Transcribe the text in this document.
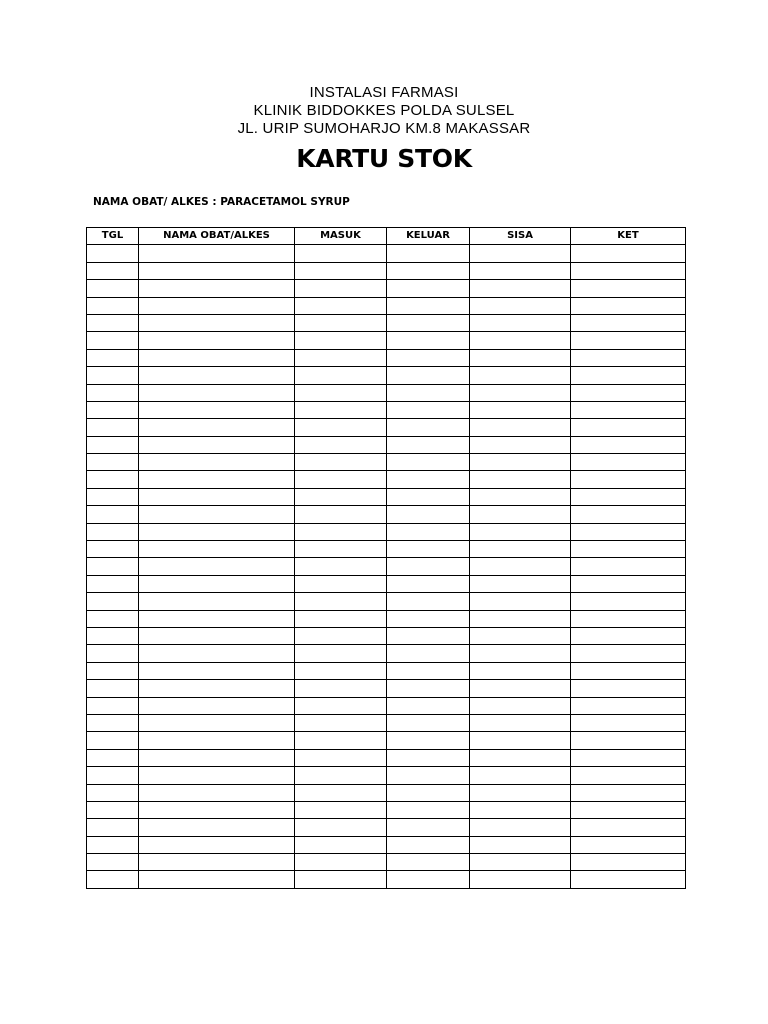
INSTALASI FARMASI
KLINIK BIDDOKKES POLDA SULSEL
JL. URIP SUMOHARJO KM.8 MAKASSAR
KARTU STOK
NAMA OBAT/ ALKES : PARACETAMOL SYRUP
TGL	NAMA OBAT/ALKES	MASUK	KELUAR	SISA	KET
